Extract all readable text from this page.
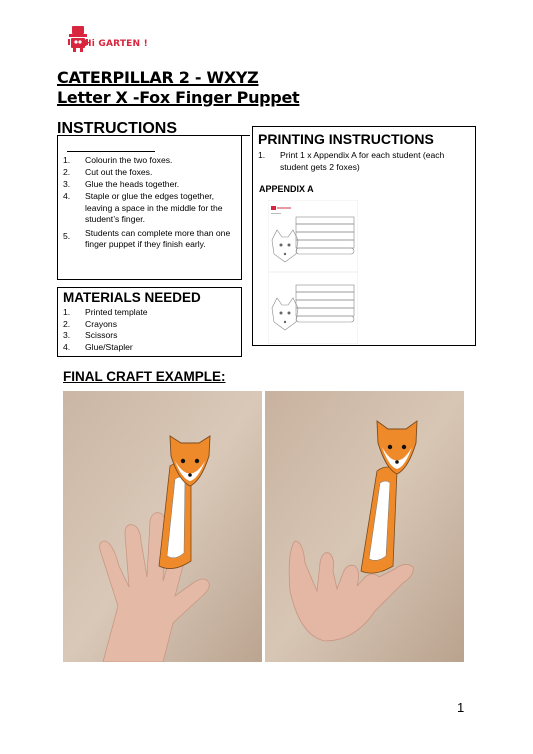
Hi GARTEN !
CATERPILLAR 2 - WXYZ
Letter X -Fox Finger Puppet
INSTRUCTIONS
1. Colourin the two foxes.
2. Cut out the foxes.
3. Glue the heads together.
4. Staple or glue the edges together, leaving a space in the middle for the student’s finger.
5. Students can complete more than one finger puppet if they finish early.
PRINTING INSTRUCTIONS
1. Print 1 x Appendix A for each student (each student gets 2 foxes)
APPENDIX A
MATERIALS NEEDED
1. Printed template
2. Crayons
3. Scissors
4. Glue/Stapler
FINAL CRAFT EXAMPLE:
1
